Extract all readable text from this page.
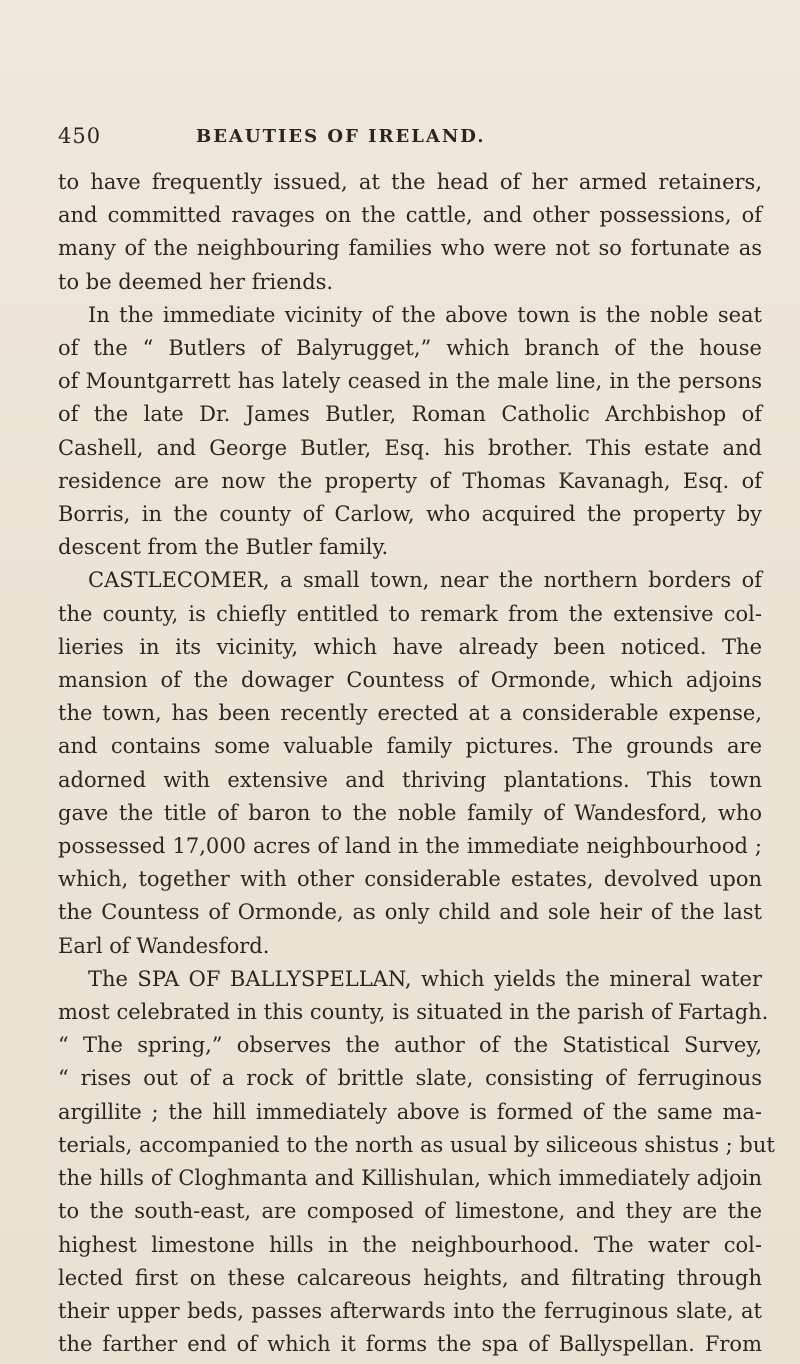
450	BEAUTIES OF IRELAND.
to have frequently issued, at the head of her armed retainers,
and committed ravages on the cattle, and other possessions, of
many of the neighbouring families who were not so fortunate as
to be deemed her friends.
In the immediate vicinity of the above town is the noble seat
of the “ Butlers of Balyrugget,” which branch of the house
of Mountgarrett has lately ceased in the male line, in the persons
of the late Dr. James Butler, Roman Catholic Archbishop of
Cashell, and George Butler, Esq. his brother. This estate and
residence are now the property of Thomas Kavanagh, Esq. of
Borris, in the county of Carlow, who acquired the property by
descent from the Butler family.
CASTLECOMER, a small town, near the northern borders of
the county, is chiefly entitled to remark from the extensive col-
lieries in its vicinity, which have already been noticed. The
mansion of the dowager Countess of Ormonde, which adjoins
the town, has been recently erected at a considerable expense,
and contains some valuable family pictures. The grounds are
adorned with extensive and thriving plantations. This town
gave the title of baron to the noble family of Wandesford, who
possessed 17,000 acres of land in the immediate neighbourhood ;
which, together with other considerable estates, devolved upon
the Countess of Ormonde, as only child and sole heir of the last
Earl of Wandesford.
The SPA OF BALLYSPELLAN, which yields the mineral water
most celebrated in this county, is situated in the parish of Fartagh.
“ The spring,” observes the author of the Statistical Survey,
“ rises out of a rock of brittle slate, consisting of ferruginous
argillite ; the hill immediately above is formed of the same ma-
terials, accompanied to the north as usual by siliceous shistus ; but
the hills of Cloghmanta and Killishulan, which immediately adjoin
to the south-east, are composed of limestone, and they are the
highest limestone hills in the neighbourhood. The water col-
lected first on these calcareous heights, and filtrating through
their upper beds, passes afterwards into the ferruginous slate, at
the farther end of which it forms the spa of Ballyspellan. From
